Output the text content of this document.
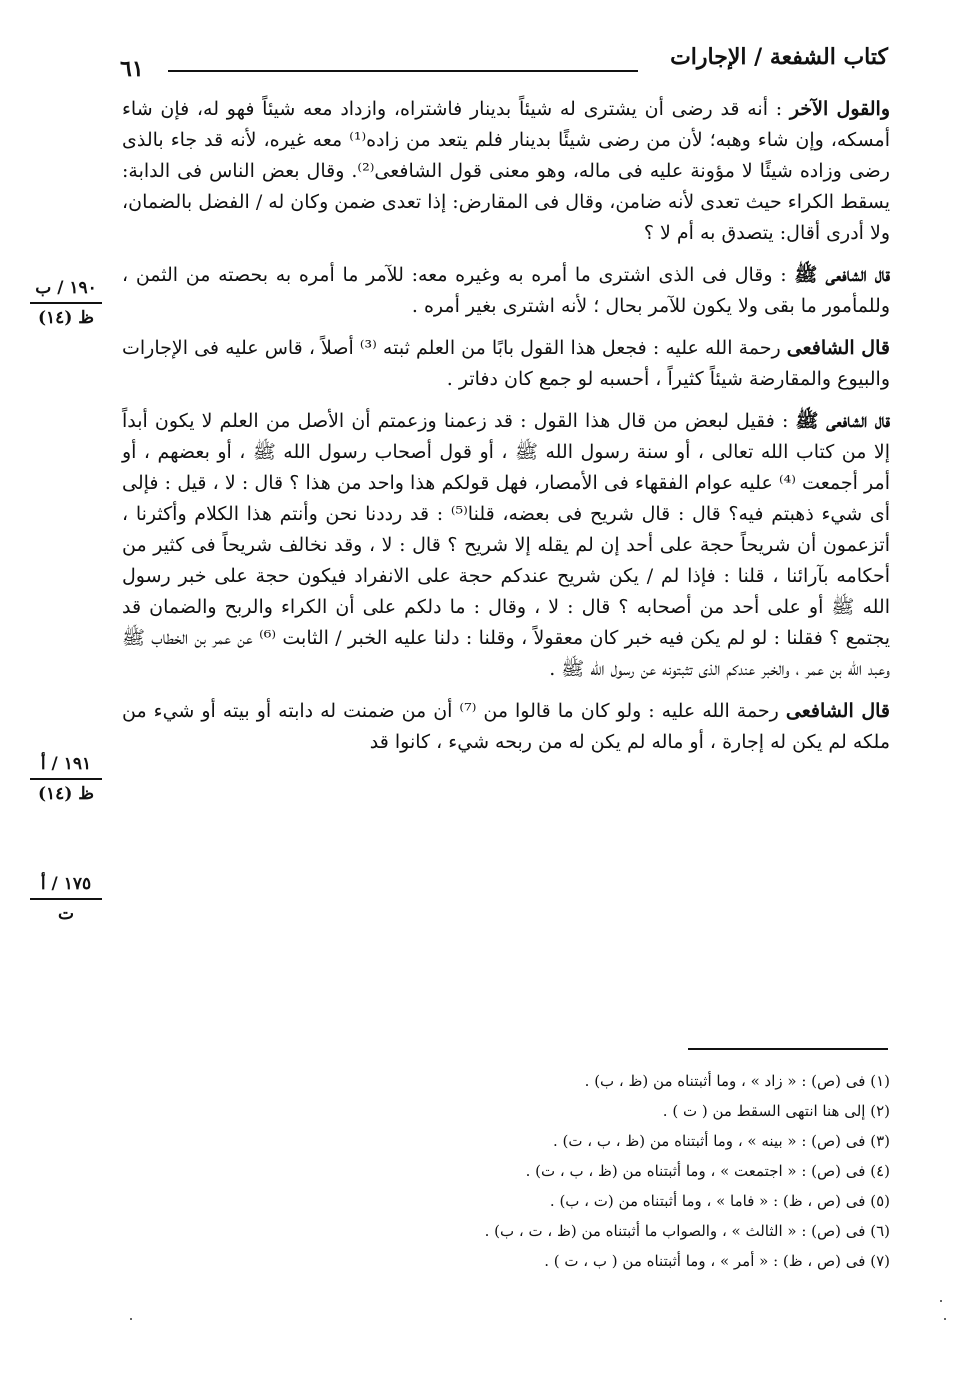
كتاب الشفعة / الإجارات
٦١

والقول الآخر : أنه قد رضى أن يشترى له شيئاً بدينار فاشتراه، وازداد معه شيئاً فهو له، فإن شاء أمسكه، وإن شاء وهبه؛ لأن من رضى شيئًا بدينار فلم يتعد من زاده⁽¹⁾ معه غيره، لأنه قد جاء بالذى رضى وزاده شيئًا لا مؤونة عليه فى ماله، وهو معنى قول الشافعى⁽²⁾. وقال بعض الناس فى الدابة: يسقط الكراء حيث تعدى لأنه ضامن، وقال فى المقارض: إذا تعدى ضمن وكان له / الفضل بالضمان، ولا أدرى أقال: يتصدق به أم لا ؟

قال الشافعى ﷺ : وقال فى الذى اشترى ما أمره به وغيره معه: للآمر ما أمره به بحصته من الثمن ، وللمأمور ما بقى ولا يكون للآمر بحال ؛ لأنه اشترى بغير أمره .

قال الشافعى رحمة الله عليه : فجعل هذا القول بابًا من العلم ثبته ⁽³⁾ أصلاً ، قاس عليه فى الإجارات والبيوع والمقارضة شيئاً كثيراً ، أحسبه لو جمع كان دفاتر .

قال الشافعى ﷺ : فقيل لبعض من قال هذا القول : قد زعمنا وزعمتم أن الأصل من العلم لا يكون أبداً إلا من كتاب الله تعالى ، أو سنة رسول الله ﷺ ، أو قول أصحاب رسول الله ﷺ ، أو بعضهم ، أو أمر أجمعت ⁽⁴⁾ عليه عوام الفقهاء فى الأمصار، فهل قولكم هذا واحد من هذا ؟ قال : لا ، قيل : فإلى أى شيء ذهبتم فيه؟ قال : قال شريح فى بعضه، قلنا⁽⁵⁾ : قد رددنا نحن وأنتم هذا الكلام وأكثرنا ، أتزعمون أن شريحاً حجة على أحد إن لم يقله إلا شريح ؟ قال : لا ، وقد نخالف شريحاً فى كثير من أحكامه بآرائنا ، قلنا : فإذا لم / يكن شريح عندكم حجة على الانفراد فيكون حجة على خبر رسول الله ﷺ أو على أحد من أصحابه ؟ قال : لا ، وقال : ما دلكم على أن الكراء والربح والضمان قد يجتمع ؟ فقلنا : لو لم يكن فيه خبر كان معقولاً ، وقلنا : دلنا عليه الخبر / الثابت ⁽⁶⁾ عن عمر بن الخطاب ﷺ وعبد الله بن عمر ، والخبر عندكم الذى تثبتونه عن رسول الله ﷺ .

قال الشافعى رحمة الله عليه : ولو كان ما قالوا من ⁽⁷⁾ أن من ضمنت له دابته أو بيته أو شيء من ملكه لم يكن له إجارة ، أو ماله لم يكن له من ربحه شيء ، كانوا قد

١٩٠ / ب
ظ (١٤)
١٩١ / أ
ظ (١٤)
١٧٥ / أ
ت
(١) فى (ص) : « زاد » ، وما أثبتناه من (ظ ، ب) .
(٢) إلى هنا انتهى السقط من ( ت ) .
(٣) فى (ص) : « بينه » ، وما أثبتناه من (ظ ، ب ، ت) .
(٤) فى (ص) : « اجتمعت » ، وما أثبتناه من (ظ ، ب ، ت) .
(٥) فى (ص ، ظ) : « فاما » ، وما أثبتناه من (ت ، ب) .
(٦) فى (ص) : « الثالث » ، والصواب ما أثبتناه من (ظ ، ت ، ب) .
(٧) فى (ص ، ظ) : « أمر » ، وما أثبتناه من ( ب ، ت ) .
